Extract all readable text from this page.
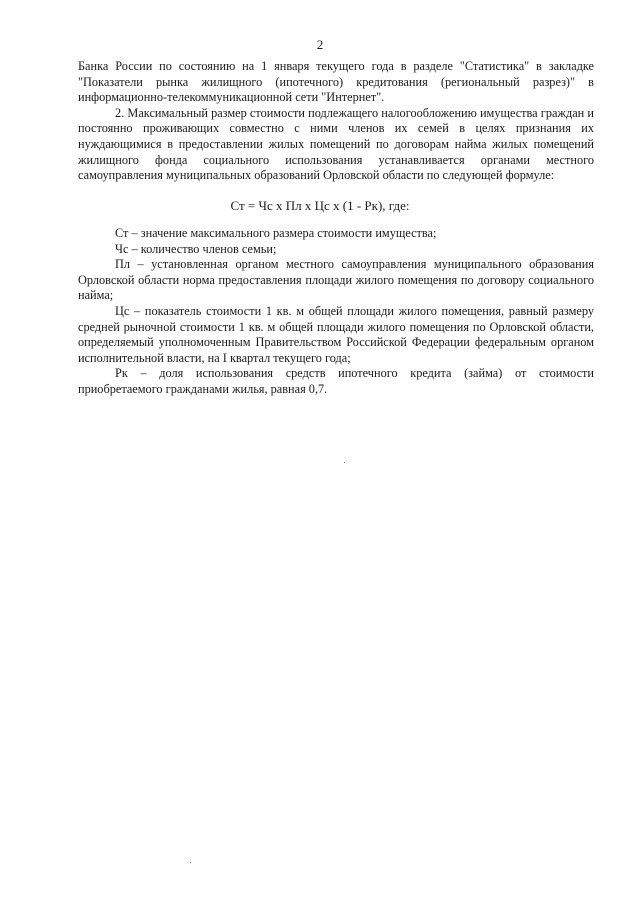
2

Банка России по состоянию на 1 января текущего года в разделе "Статистика" в закладке "Показатели рынка жилищного (ипотечного) кредитования (региональный разрез)" в информационно-телекоммуникационной сети "Интернет".

2. Максимальный размер стоимости подлежащего налогообложению имущества граждан и постоянно проживающих совместно с ними членов их семей в целях признания их нуждающимися в предоставлении жилых помещений по договорам найма жилых помещений жилищного фонда социального использования устанавливается органами местного самоуправления муниципальных образований Орловской области по следующей формуле:

Ст = Чс х Пл х Цс х (1 - Рк), где:

Ст – значение максимального размера стоимости имущества;

Чс – количество членов семьи;

Пл – установленная органом местного самоуправления муниципального образования Орловской области норма предоставления площади жилого помещения по договору социального найма;

Цс – показатель стоимости 1 кв. м общей площади жилого помещения, равный размеру средней рыночной стоимости 1 кв. м общей площади жилого помещения по Орловской области, определяемый уполномоченным Правительством Российской Федерации федеральным органом исполнительной власти, на I квартал текущего года;

Рк – доля использования средств ипотечного кредита (займа) от стоимости приобретаемого гражданами жилья, равная 0,7.
